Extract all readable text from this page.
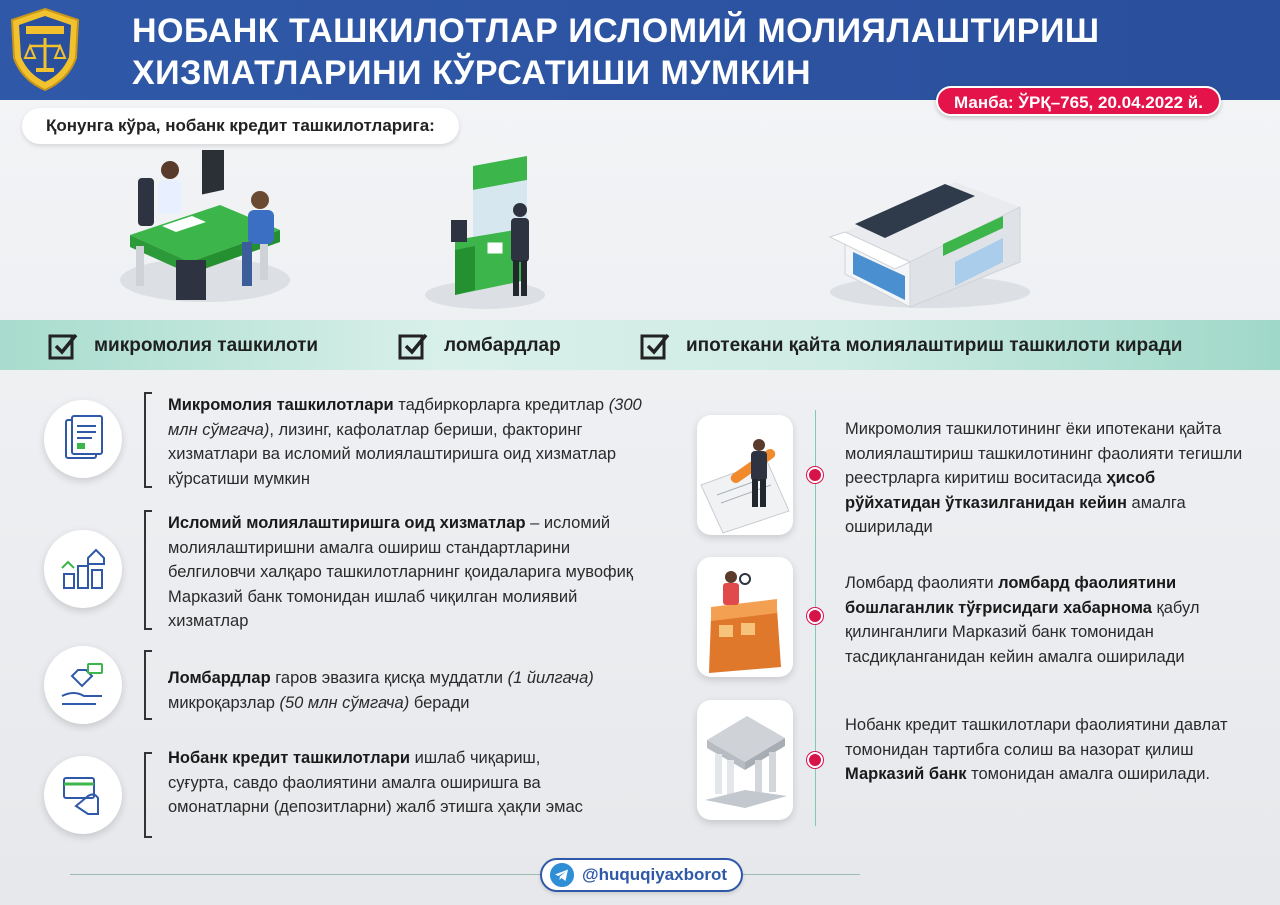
НОБАНК ТАШКИЛОТЛАР ИСЛОМИЙ МОЛИЯЛАШТИРИШ
ХИЗМАТЛАРИНИ КЎРСАТИШИ МУМКИН
Манба: ЎРҚ–765, 20.04.2022 й.
Қонунга кўра, нобанк кредит ташкилотларига:
микромолия ташкилоти	ломбардлар	ипотекани қайта молиялаштириш ташкилоти киради
Микромолия ташкилотлари тадбиркорларга кредитлар (300 млн сўмгача), лизинг, кафолатлар бериши, факторинг хизматлари ва исломий молиялаштиришга оид хизматлар кўрсатиши мумкин
Исломий молиялаштиришга оид хизматлар – исломий молиялаштиришни амалга ошириш стандартларини белгиловчи халқаро ташкилотларнинг қоидаларига мувофиқ Марказий банк томонидан ишлаб чиқилган молиявий хизматлар
Ломбардлар гаров эвазига қисқа муддатли (1 йилгача) микроқарзлар (50 млн сўмгача) беради
Нобанк кредит ташкилотлари ишлаб чиқариш, суғурта, савдо фаолиятини амалга оширишга ва омонатларни (депозитларни) жалб этишга ҳақли эмас
Микромолия ташкилотининг ёки ипотекани қайта молиялаштириш ташкилотининг фаолияти тегишли реестрларга киритиш воситасида ҳисоб рўйхатидан ўтказилганидан кейин амалга оширилади
Ломбард фаолияти ломбард фаолиятини бошлаганлик тўғрисидаги хабарнома қабул қилинганлиги Марказий банк томонидан тасдиқланганидан кейин амалга оширилади
Нобанк кредит ташкилотлари фаолиятини давлат томонидан тартибга солиш ва назорат қилиш Марказий банк томонидан амалга оширилади.
@huquqiyaxborot
